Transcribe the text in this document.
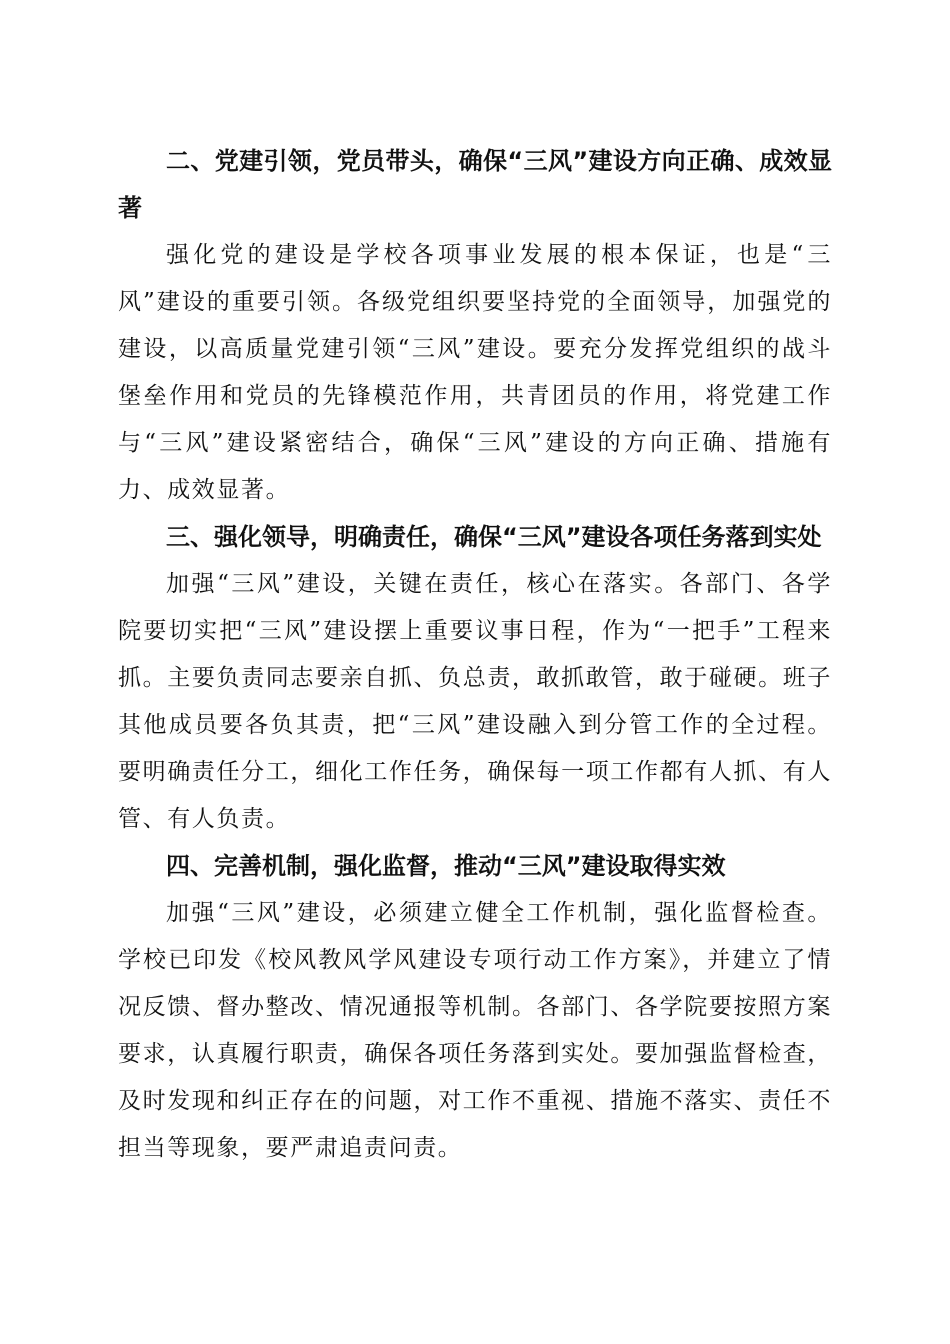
二、党建引领，党员带头，确保“三风”建设方向正确、成效显著

强化党的建设是学校各项事业发展的根本保证，也是“三风”建设的重要引领。各级党组织要坚持党的全面领导，加强党的建设，以高质量党建引领“三风”建设。要充分发挥党组织的战斗堡垒作用和党员的先锋模范作用，共青团员的作用，将党建工作与“三风”建设紧密结合，确保“三风”建设的方向正确、措施有力、成效显著。

三、强化领导，明确责任，确保“三风”建设各项任务落到实处

加强“三风”建设，关键在责任，核心在落实。各部门、各学院要切实把“三风”建设摆上重要议事日程，作为“一把手”工程来抓。主要负责同志要亲自抓、负总责，敢抓敢管，敢于碰硬。班子其他成员要各负其责，把“三风”建设融入到分管工作的全过程。要明确责任分工，细化工作任务，确保每一项工作都有人抓、有人管、有人负责。

四、完善机制，强化监督，推动“三风”建设取得实效

加强“三风”建设，必须建立健全工作机制，强化监督检查。学校已印发《校风教风学风建设专项行动工作方案》，并建立了情况反馈、督办整改、情况通报等机制。各部门、各学院要按照方案要求，认真履行职责，确保各项任务落到实处。要加强监督检查，及时发现和纠正存在的问题，对工作不重视、措施不落实、责任不担当等现象，要严肃追责问责。
